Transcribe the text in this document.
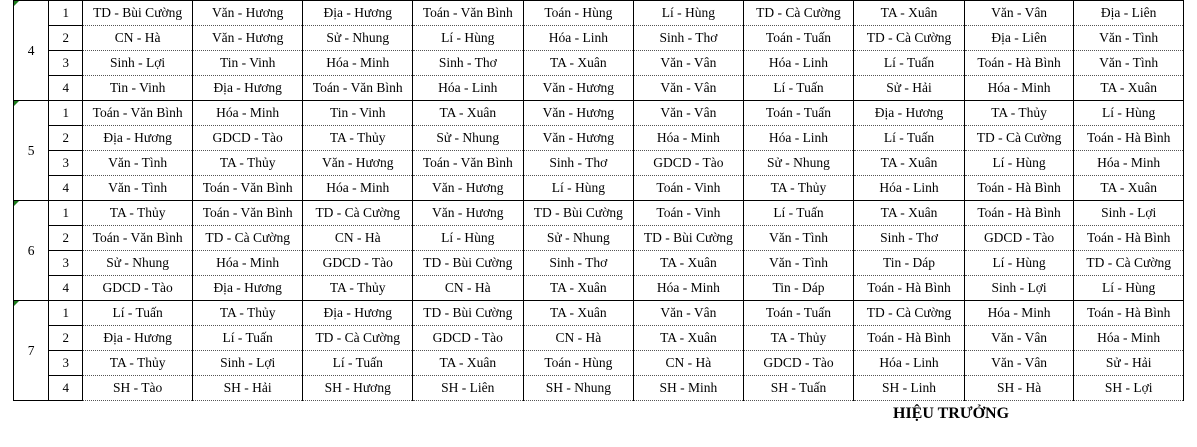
4	1	TD - Bùi Cường	Văn - Hương	Địa - Hương	Toán - Văn Bình	Toán - Hùng	Lí - Hùng	TD - Cà Cường	TA - Xuân	Văn - Vân	Địa - Liên
	2	CN - Hà	Văn - Hương	Sử - Nhung	Lí - Hùng	Hóa - Linh	Sinh - Thơ	Toán - Tuấn	TD - Cà Cường	Địa - Liên	Văn - Tình
	3	Sinh - Lợi	Tin - Vinh	Hóa - Minh	Sinh - Thơ	TA - Xuân	Văn - Vân	Hóa - Linh	Lí - Tuấn	Toán - Hà Bình	Văn - Tình
	4	Tin - Vinh	Địa - Hương	Toán - Văn Bình	Hóa - Linh	Văn - Hương	Văn - Vân	Lí - Tuấn	Sử - Hải	Hóa - Minh	TA - Xuân

5	1	Toán - Văn Bình	Hóa - Minh	Tin - Vinh	TA - Xuân	Văn - Hương	Văn - Vân	Toán - Tuấn	Địa - Hương	TA - Thủy	Lí - Hùng
	2	Địa - Hương	GDCD - Tào	TA - Thủy	Sử - Nhung	Văn - Hương	Hóa - Minh	Hóa - Linh	Lí - Tuấn	TD - Cà Cường	Toán - Hà Bình
	3	Văn - Tình	TA - Thủy	Văn - Hương	Toán - Văn Bình	Sinh - Thơ	GDCD - Tào	Sử - Nhung	TA - Xuân	Lí - Hùng	Hóa - Minh
	4	Văn - Tình	Toán - Văn Bình	Hóa - Minh	Văn - Hương	Lí - Hùng	Toán - Vinh	TA - Thủy	Hóa - Linh	Toán - Hà Bình	TA - Xuân

6	1	TA - Thủy	Toán - Văn Bình	TD - Cà Cường	Văn - Hương	TD - Bùi Cường	Toán - Vinh	Lí - Tuấn	TA - Xuân	Toán - Hà Bình	Sinh - Lợi
	2	Toán - Văn Bình	TD - Cà Cường	CN - Hà	Lí - Hùng	Sử - Nhung	TD - Bùi Cường	Văn - Tình	Sinh - Thơ	GDCD - Tào	Toán - Hà Bình
	3	Sử - Nhung	Hóa - Minh	GDCD - Tào	TD - Bùi Cường	Sinh - Thơ	TA - Xuân	Văn - Tình	Tin - Dáp	Lí - Hùng	TD - Cà Cường
	4	GDCD - Tào	Địa - Hương	TA - Thủy	CN - Hà	TA - Xuân	Hóa - Minh	Tin - Dáp	Toán - Hà Bình	Sinh - Lợi	Lí - Hùng

7	1	Lí - Tuấn	TA - Thủy	Địa - Hương	TD - Bùi Cường	TA - Xuân	Văn - Vân	Toán - Tuấn	TD - Cà Cường	Hóa - Minh	Toán - Hà Bình
	2	Địa - Hương	Lí - Tuấn	TD - Cà Cường	GDCD - Tào	CN - Hà	TA - Xuân	TA - Thủy	Toán - Hà Bình	Văn - Vân	Hóa - Minh
	3	TA - Thủy	Sinh - Lợi	Lí - Tuấn	TA - Xuân	Toán - Hùng	CN - Hà	GDCD - Tào	Hóa - Linh	Văn - Vân	Sử - Hải
	4	SH - Tào	SH - Hải	SH - Hương	SH - Liên	SH - Nhung	SH - Minh	SH - Tuấn	SH - Linh	SH - Hà	SH - Lợi
HIỆU TRƯỞNG
